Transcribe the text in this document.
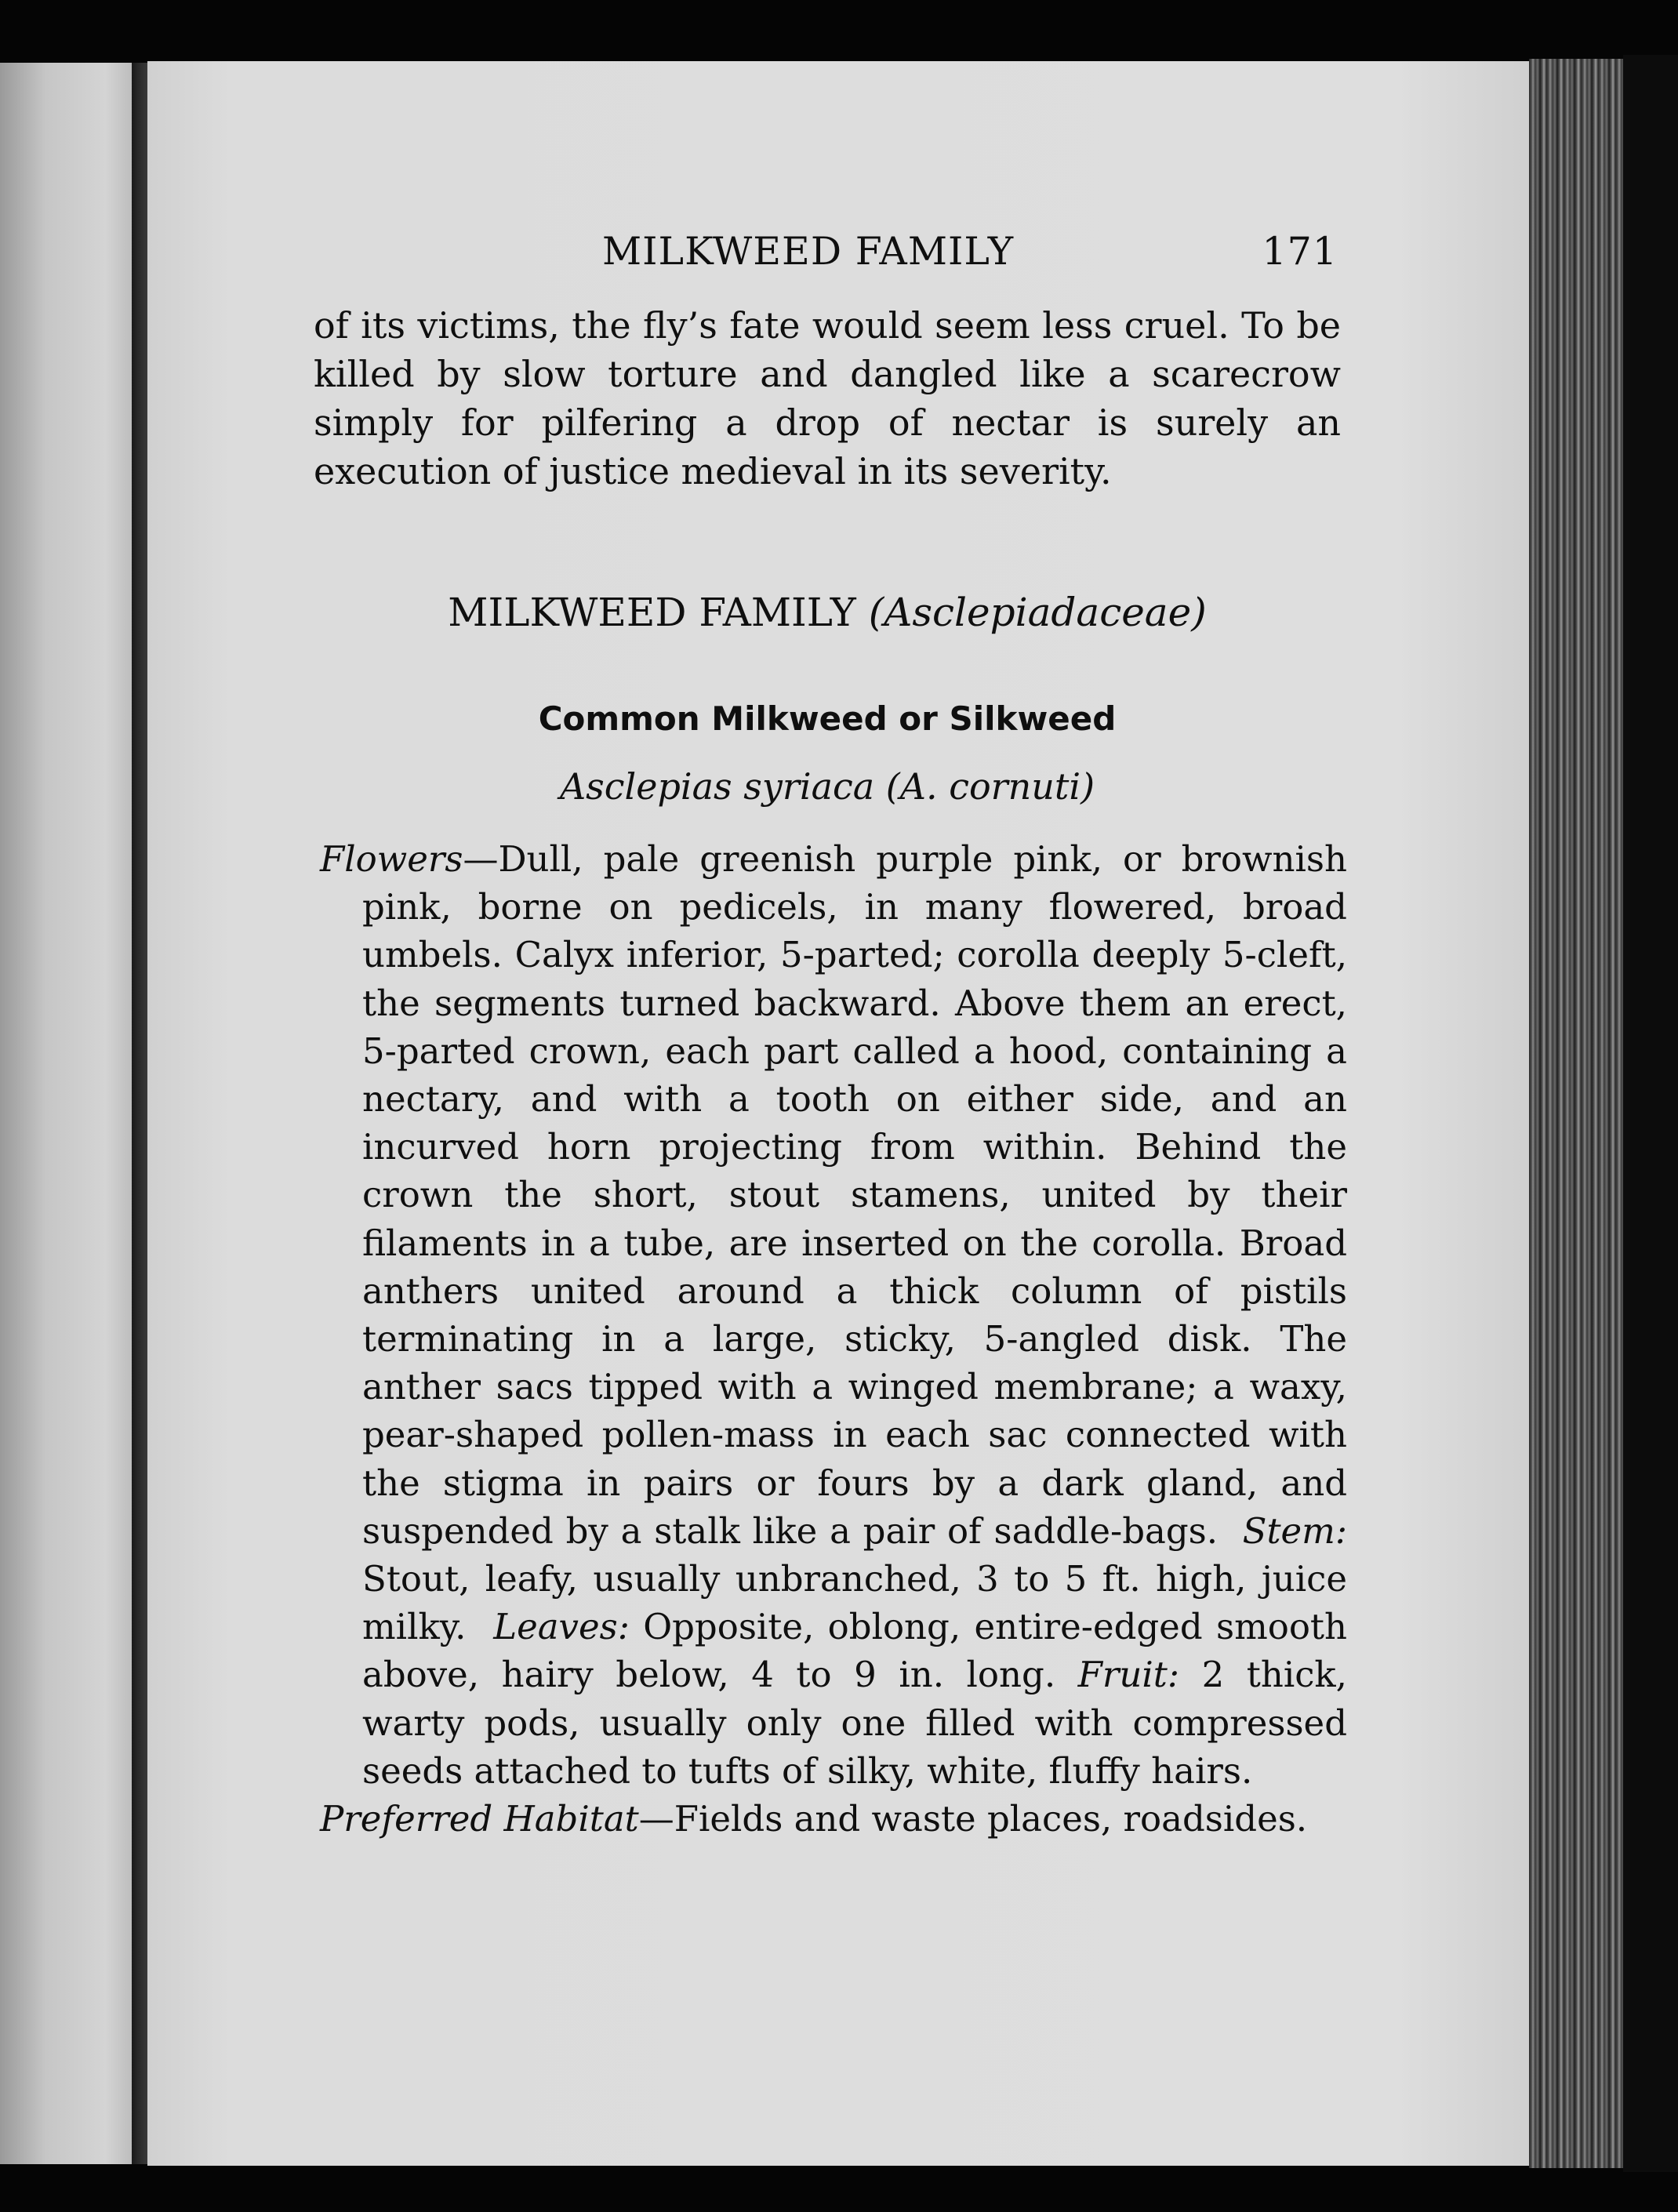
MILKWEED FAMILY	171

of its victims, the fly’s fate would seem less cruel. To be killed by slow torture and dangled like a scarecrow simply for pilfering a drop of nectar is surely an execution of justice medieval in its severity.

MILKWEED FAMILY (Asclepiadaceae)
Common Milkweed or Silkweed
Asclepias syriaca (A. cornuti)

Flowers—Dull, pale greenish purple pink, or brownish pink, borne on pedicels, in many flowered, broad umbels. Calyx inferior, 5-parted; corolla deeply 5-cleft, the segments turned backward. Above them an erect, 5-parted crown, each part called a hood, containing a nectary, and with a tooth on either side, and an incurved horn projecting from within. Behind the crown the short, stout stamens, united by their filaments in a tube, are inserted on the corolla. Broad anthers united around a thick column of pistils terminating in a large, sticky, 5-angled disk. The anther sacs tipped with a winged membrane; a waxy, pear-shaped pollen-mass in each sac connected with the stigma in pairs or fours by a dark gland, and suspended by a stalk like a pair of saddle-bags. Stem: Stout, leafy, usually unbranched, 3 to 5 ft. high, juice milky. Leaves: Opposite, oblong, entire-edged smooth above, hairy below, 4 to 9 in. long. Fruit: 2 thick, warty pods, usually only one filled with compressed seeds attached to tufts of silky, white, fluffy hairs.

Preferred Habitat—Fields and waste places, roadsides.
